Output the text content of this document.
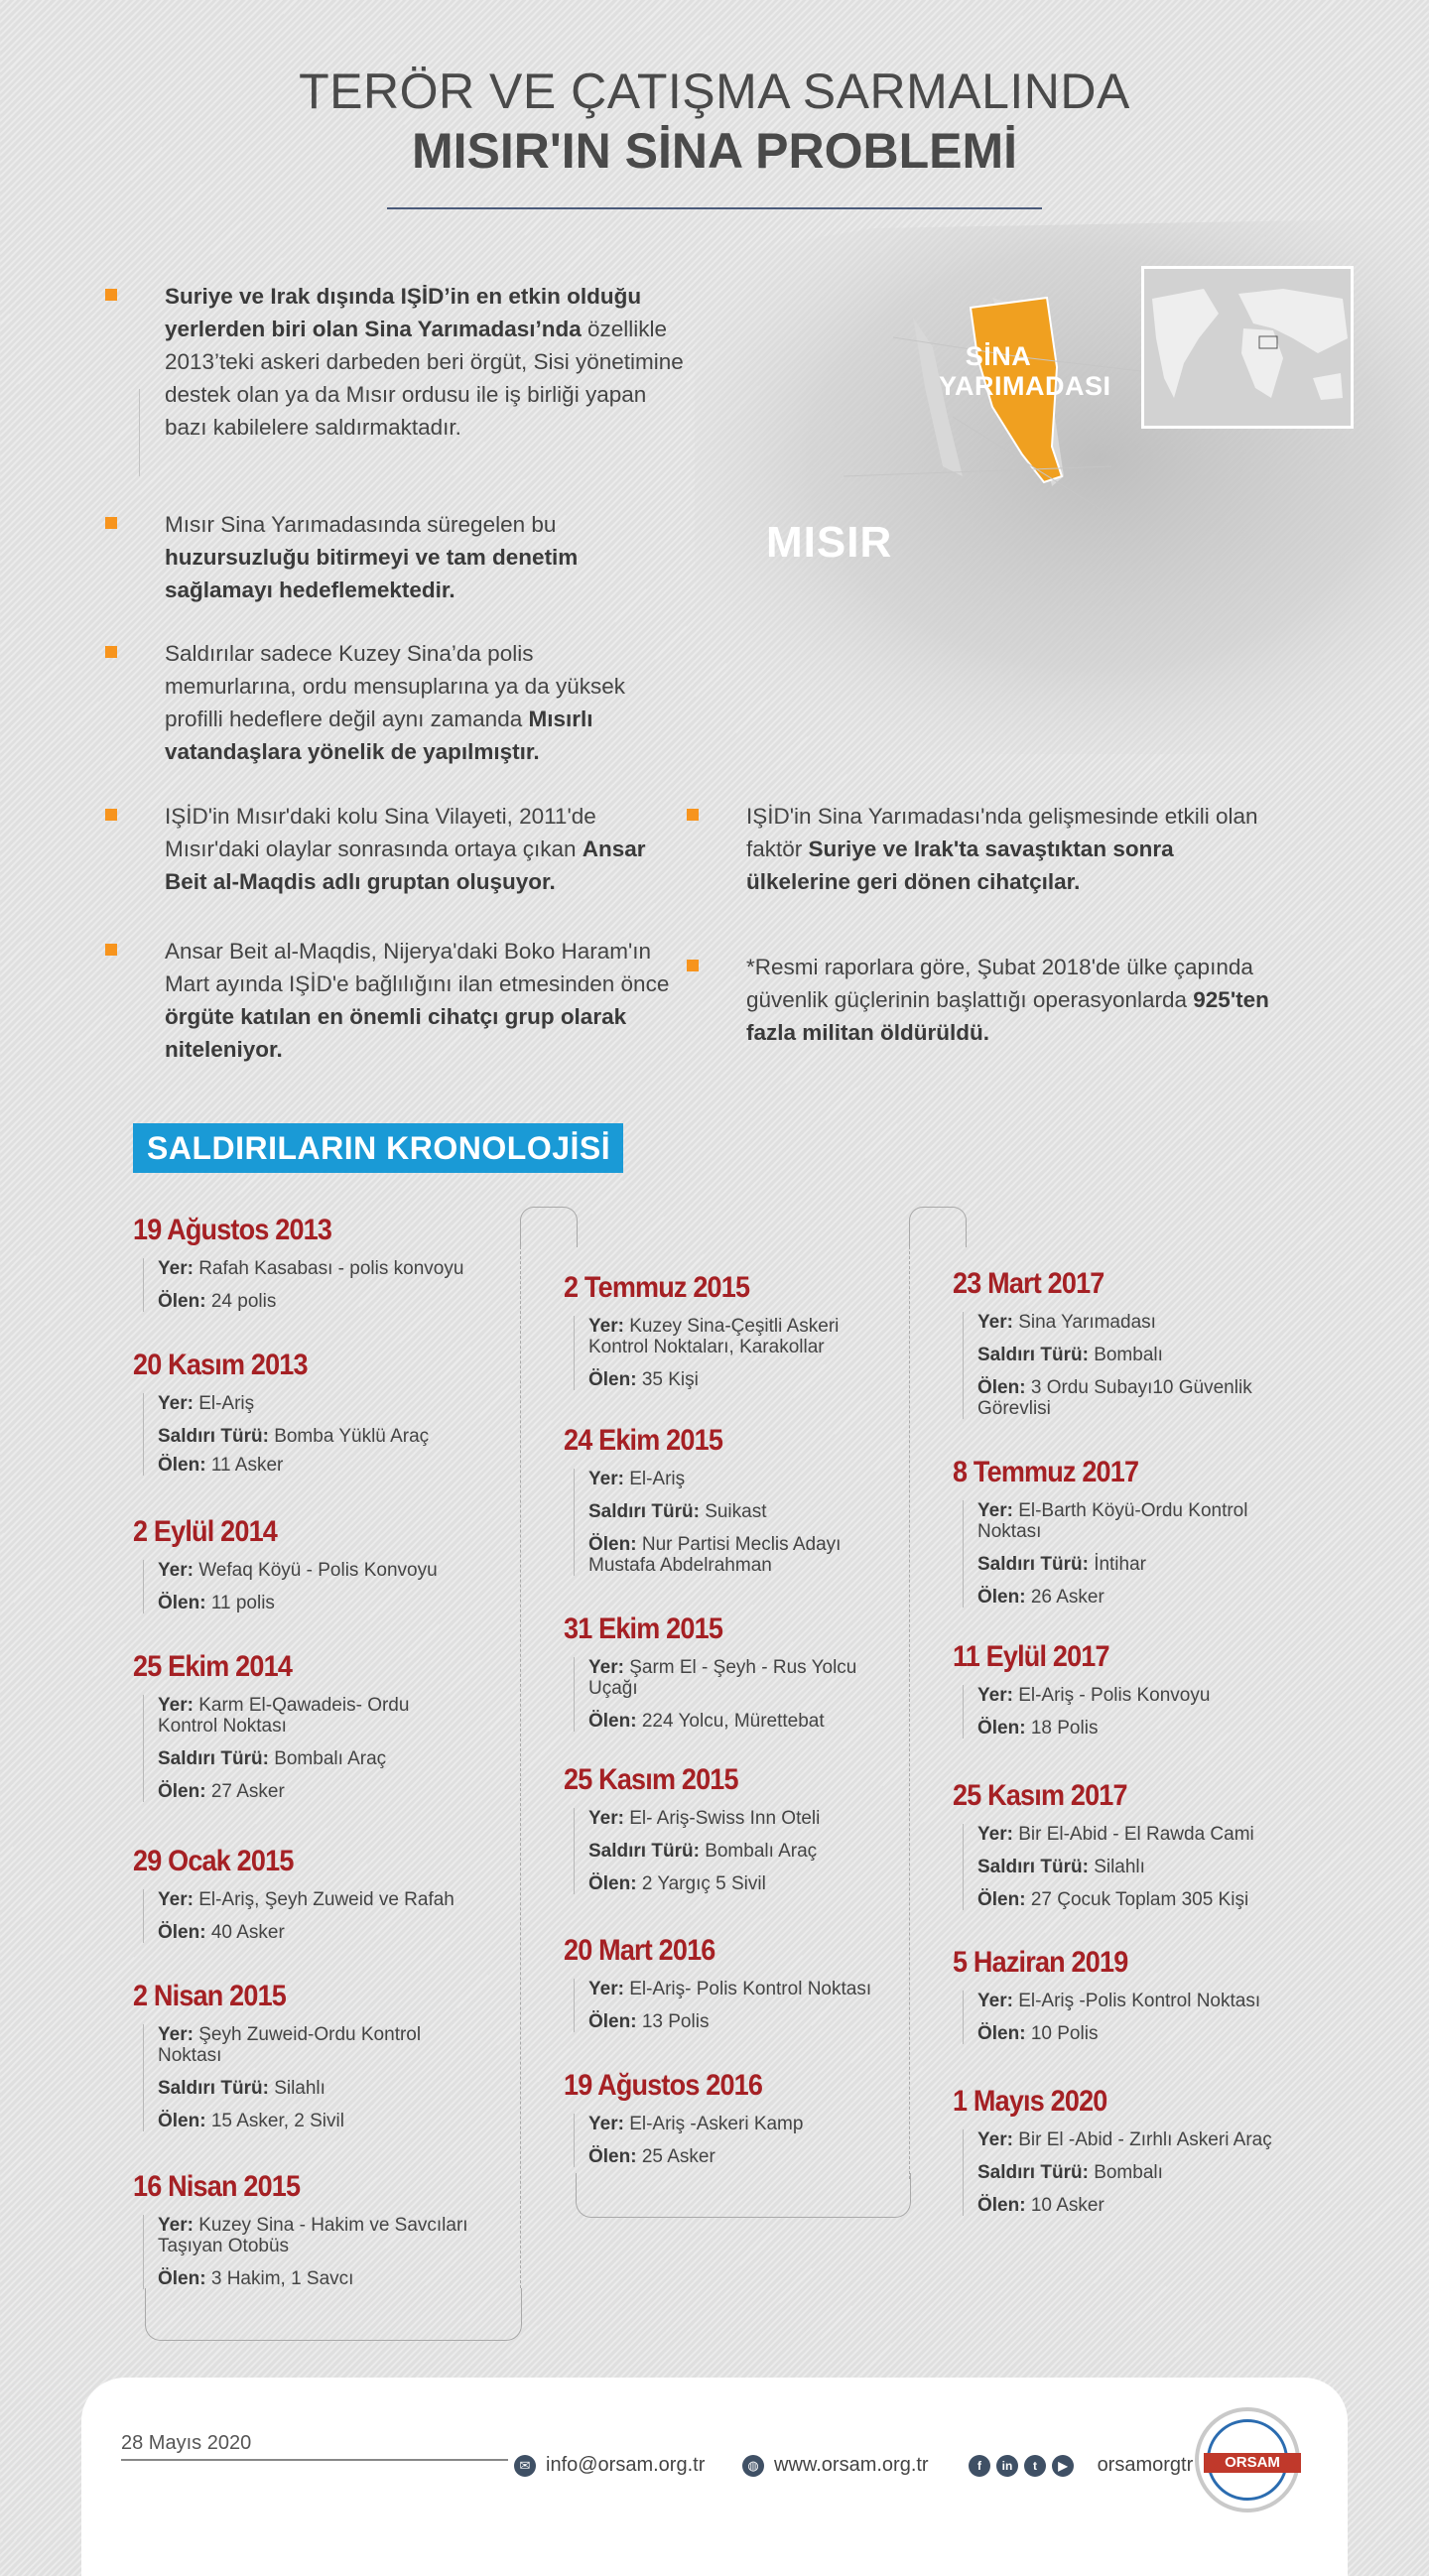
TERÖR VE ÇATIŞMA SARMALINDA
MISIR'IN SİNA PROBLEMİ
SİNA
YARIMADASI
MISIR
Suriye ve Irak dışında IŞİD’in en etkin olduğu yerlerden biri olan Sina Yarımadası’nda özellikle 2013’teki askeri darbeden beri örgüt, Sisi yönetimine destek olan ya da Mısır ordusu ile iş birliği yapan bazı kabilelere saldırmaktadır.
Mısır Sina Yarımadasında süregelen bu huzursuzluğu bitirmeyi ve tam denetim sağlamayı hedeflemektedir.
Saldırılar sadece Kuzey Sina’da polis memurlarına, ordu mensuplarına ya da yüksek profilli hedeflere değil aynı zamanda Mısırlı vatandaşlara yönelik de yapılmıştır.
IŞİD'in Mısır'daki kolu Sina Vilayeti, 2011'de Mısır'daki olaylar sonrasında ortaya çıkan Ansar Beit al-Maqdis adlı gruptan oluşuyor.
Ansar Beit al-Maqdis, Nijerya'daki Boko Haram'ın Mart ayında IŞİD'e bağlılığını ilan etmesinden önce örgüte katılan en önemli cihatçı grup olarak niteleniyor.
IŞİD'in Sina Yarımadası'nda gelişmesinde etkili olan faktör Suriye ve Irak'ta savaştıktan sonra ülkelerine geri dönen cihatçılar.
*Resmi raporlara göre, Şubat 2018'de ülke çapında güvenlik güçlerinin başlattığı operasyonlarda 925'ten fazla militan öldürüldü.
SALDIRILARIN KRONOLOJİSİ
19 Ağustos 2013
Yer: Rafah Kasabası - polis konvoyu
Ölen: 24 polis
20 Kasım 2013
Yer: El-Ariş
Saldırı Türü: Bomba Yüklü Araç
Ölen: 11 Asker
2 Eylül 2014
Yer: Wefaq Köyü - Polis Konvoyu
Ölen: 11 polis
25 Ekim 2014
Yer: Karm El-Qawadeis- Ordu Kontrol Noktası
Saldırı Türü: Bombalı Araç
Ölen: 27 Asker
29 Ocak 2015
Yer: El-Ariş, Şeyh Zuweid ve Rafah
Ölen: 40 Asker
2 Nisan 2015
Yer: Şeyh Zuweid-Ordu Kontrol Noktası
Saldırı Türü: Silahlı
Ölen: 15 Asker, 2 Sivil
16 Nisan 2015
Yer: Kuzey Sina - Hakim ve Savcıları Taşıyan Otobüs
Ölen: 3 Hakim, 1 Savcı
2 Temmuz 2015
Yer: Kuzey Sina-Çeşitli Askeri Kontrol Noktaları, Karakollar
Ölen: 35 Kişi
24 Ekim 2015
Yer: El-Ariş
Saldırı Türü: Suikast
Ölen: Nur Partisi Meclis Adayı Mustafa Abdelrahman
31 Ekim 2015
Yer: Şarm El - Şeyh - Rus Yolcu Uçağı
Ölen: 224 Yolcu, Mürettebat
25 Kasım 2015
Yer: El- Ariş-Swiss Inn Oteli
Saldırı Türü: Bombalı Araç
Ölen: 2 Yargıç 5 Sivil
20 Mart 2016
Yer: El-Ariş- Polis Kontrol Noktası
Ölen: 13 Polis
19 Ağustos 2016
Yer: El-Ariş -Askeri Kamp
Ölen: 25 Asker
23 Mart 2017
Yer: Sina Yarımadası
Saldırı Türü: Bombalı
Ölen: 3 Ordu Subayı10 Güvenlik Görevlisi
8 Temmuz 2017
Yer: El-Barth Köyü-Ordu Kontrol Noktası
Saldırı Türü: İntihar
Ölen: 26 Asker
11 Eylül 2017
Yer: El-Ariş - Polis Konvoyu
Ölen: 18 Polis
25 Kasım 2017
Yer: Bir El-Abid - El Rawda Cami
Saldırı Türü: Silahlı
Ölen: 27 Çocuk Toplam 305 Kişi
5 Haziran 2019
Yer: El-Ariş -Polis Kontrol Noktası
Ölen: 10 Polis
1 Mayıs 2020
Yer: Bir El -Abid - Zırhlı Askeri Araç
Saldırı Türü: Bombalı
Ölen: 10 Asker
28 Mayıs 2020
✉ info@orsam.org.tr	◍ www.orsam.org.tr	f in t ▶ orsamorgtr	ORSAM
